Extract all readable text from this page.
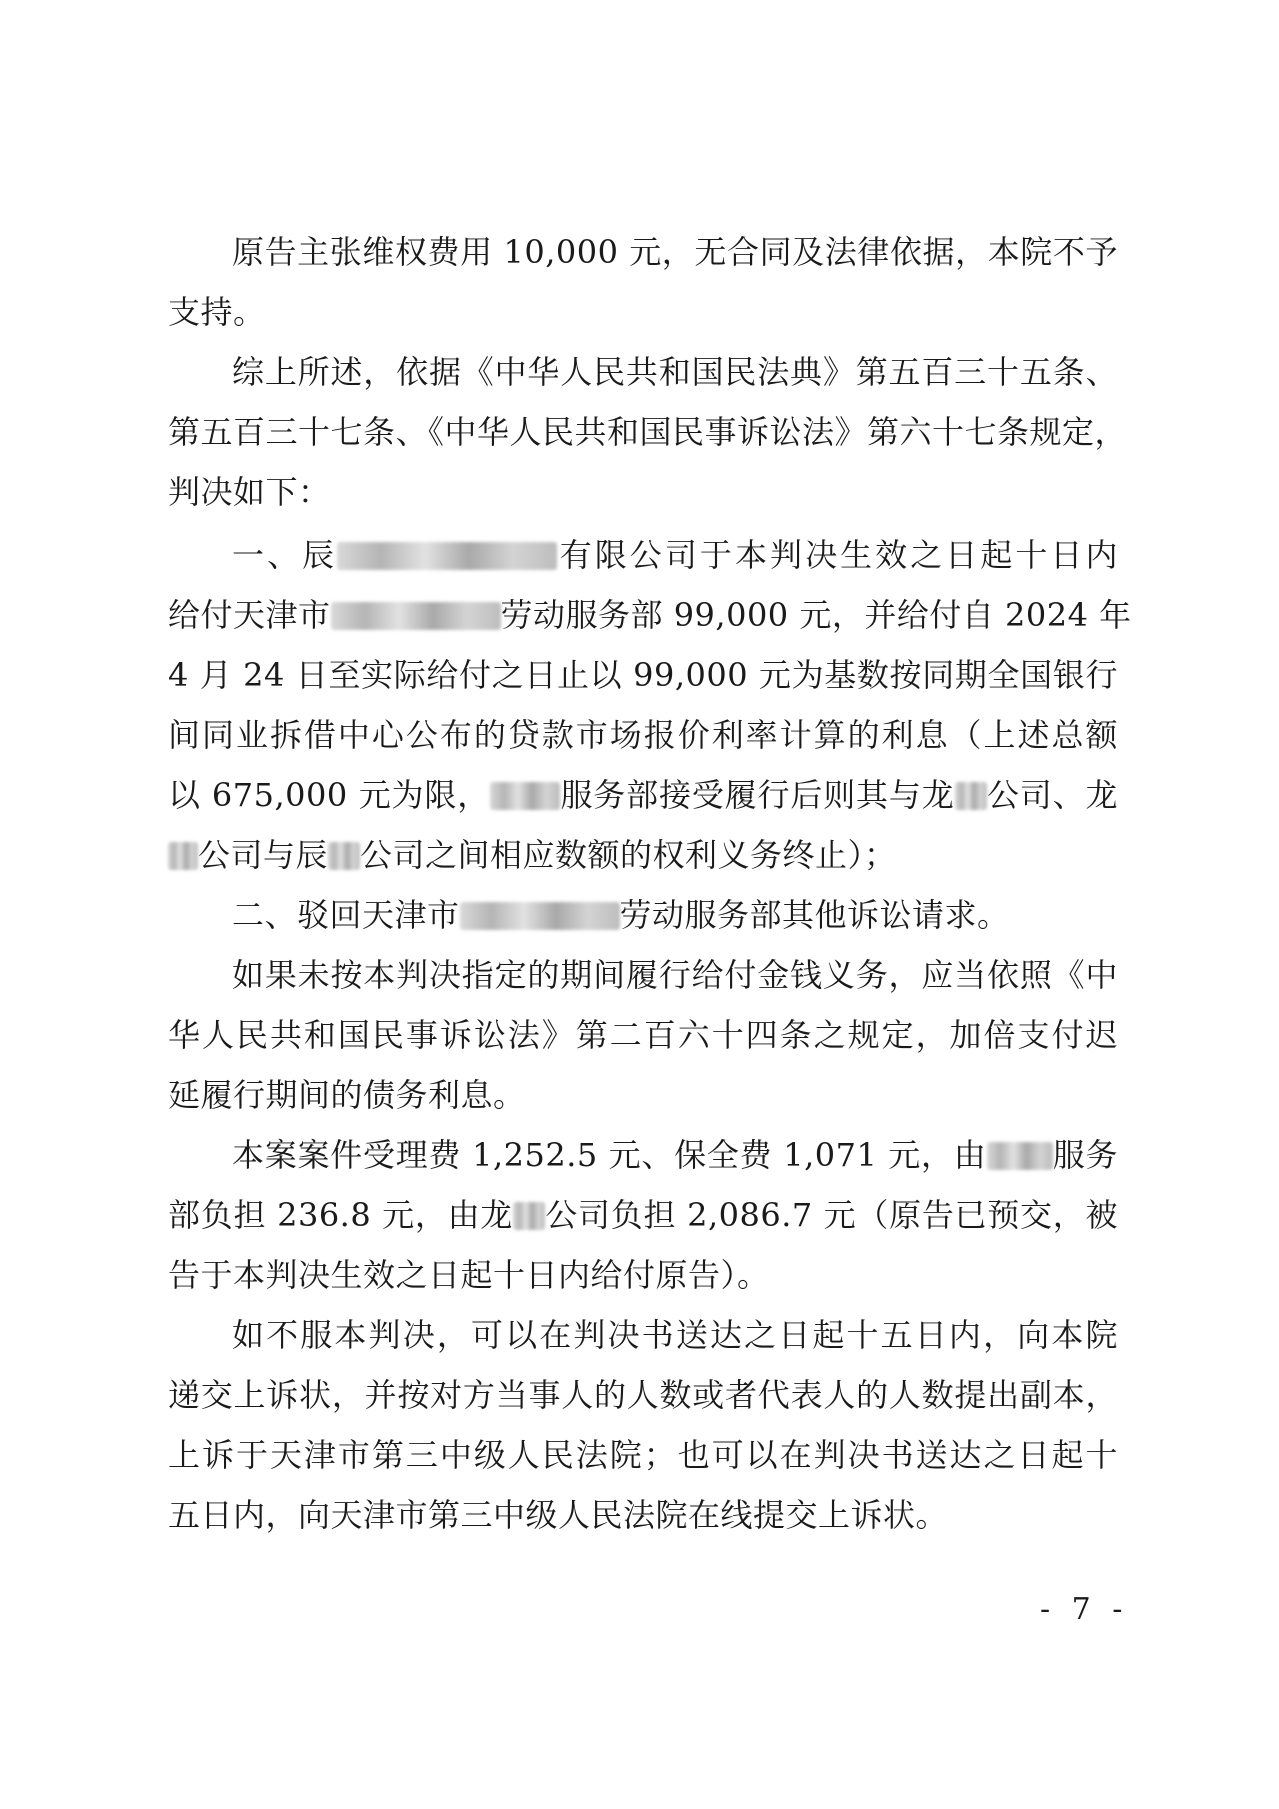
原告主张维权费用 10,000 元，无合同及法律依据，本院不予
支持。
综上所述，依据《中华人民共和国民法典》第五百三十五条、
第五百三十七条、《中华人民共和国民事诉讼法》第六十七条规定，
判决如下：
一、辰	有限公司于本判决生效之日起十日内
给付天津市	劳动服务部 99,000 元，并给付自 2024 年
4 月 24 日至实际给付之日止以 99,000 元为基数按同期全国银行
间同业拆借中心公布的贷款市场报价利率计算的利息（上述总额
以 675,000 元为限， 服务部接受履行后则其与龙 公司、龙
公司与辰 公司之间相应数额的权利义务终止）；
二、驳回天津市	劳动服务部其他诉讼请求。
如果未按本判决指定的期间履行给付金钱义务，应当依照《中
华人民共和国民事诉讼法》第二百六十四条之规定，加倍支付迟
延履行期间的债务利息。
本案案件受理费 1,252.5 元、保全费 1,071 元，由 服务
部负担 236.8 元，由龙 公司负担 2,086.7 元（原告已预交，被
告于本判决生效之日起十日内给付原告）。
如不服本判决，可以在判决书送达之日起十五日内，向本院
递交上诉状，并按对方当事人的人数或者代表人的人数提出副本，
上诉于天津市第三中级人民法院；也可以在判决书送达之日起十
五日内，向天津市第三中级人民法院在线提交上诉状。
- 7 -
